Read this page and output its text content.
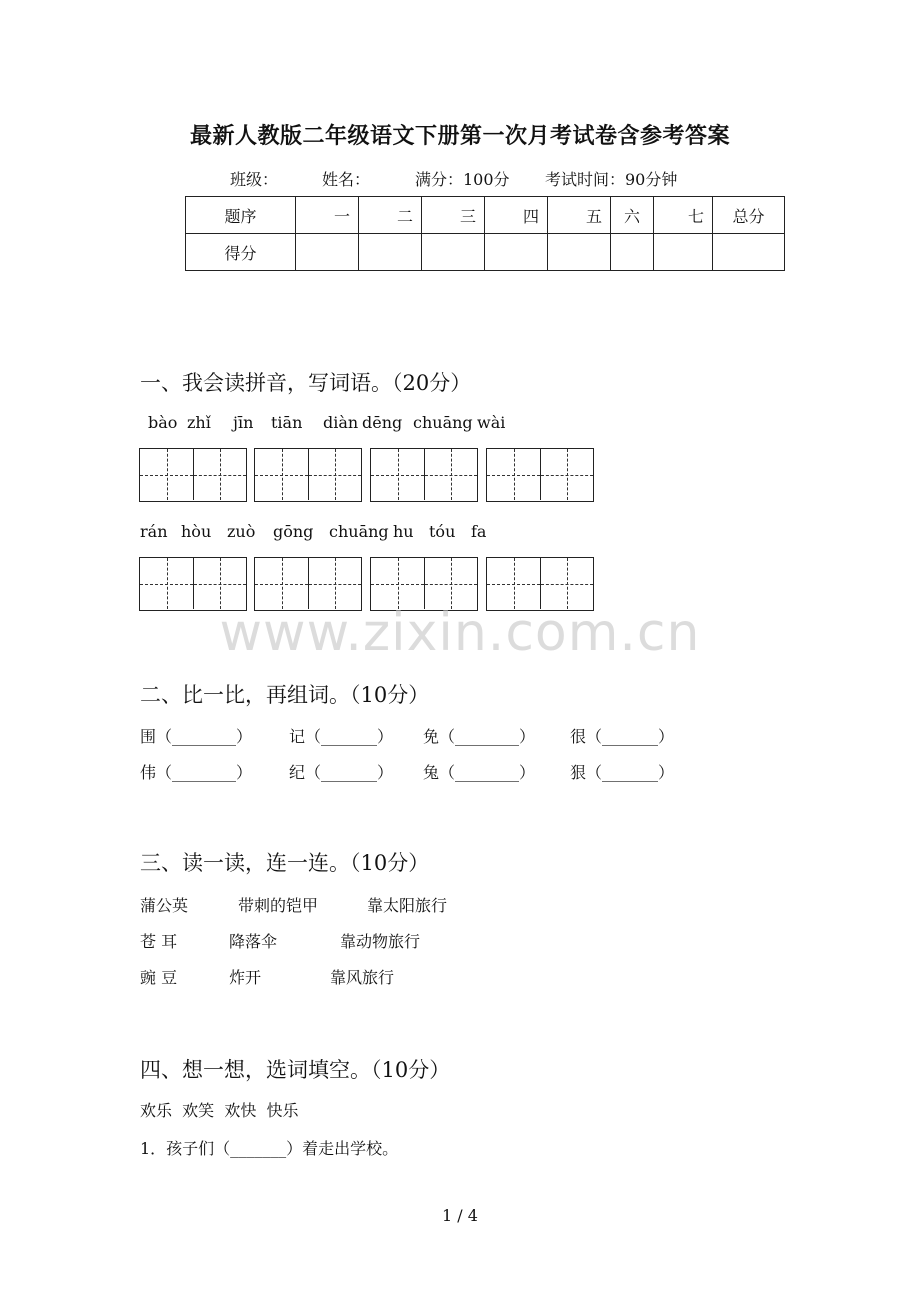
最新人教版二年级语文下册第一次月考试卷含参考答案
班级：	姓名：	满分：100分 考试时间：90分钟
题序	一	二	三	四	五	六	七	总分
得分								
一、我会读拼音，写词语。（20分）
bào zhǐ jīn tiān diàn dēng chuāng wài
rán hòu zuò gōng chuāng hu tóu fa
www.zixin.com.cn
二、比一比，再组词。（10分）
围（________） 记（_______） 免（________） 很（_______）
伟（________） 纪（_______） 兔（________） 狠（_______）
三、读一读，连一连。（10分）
蒲公英	带刺的铠甲	靠太阳旅行
苍 耳	降落伞	靠动物旅行
豌 豆	炸开	靠风旅行
四、想一想，选词填空。（10分）
欢乐  欢笑  欢快  快乐
1．孩子们（_______）着走出学校。
1 / 4
